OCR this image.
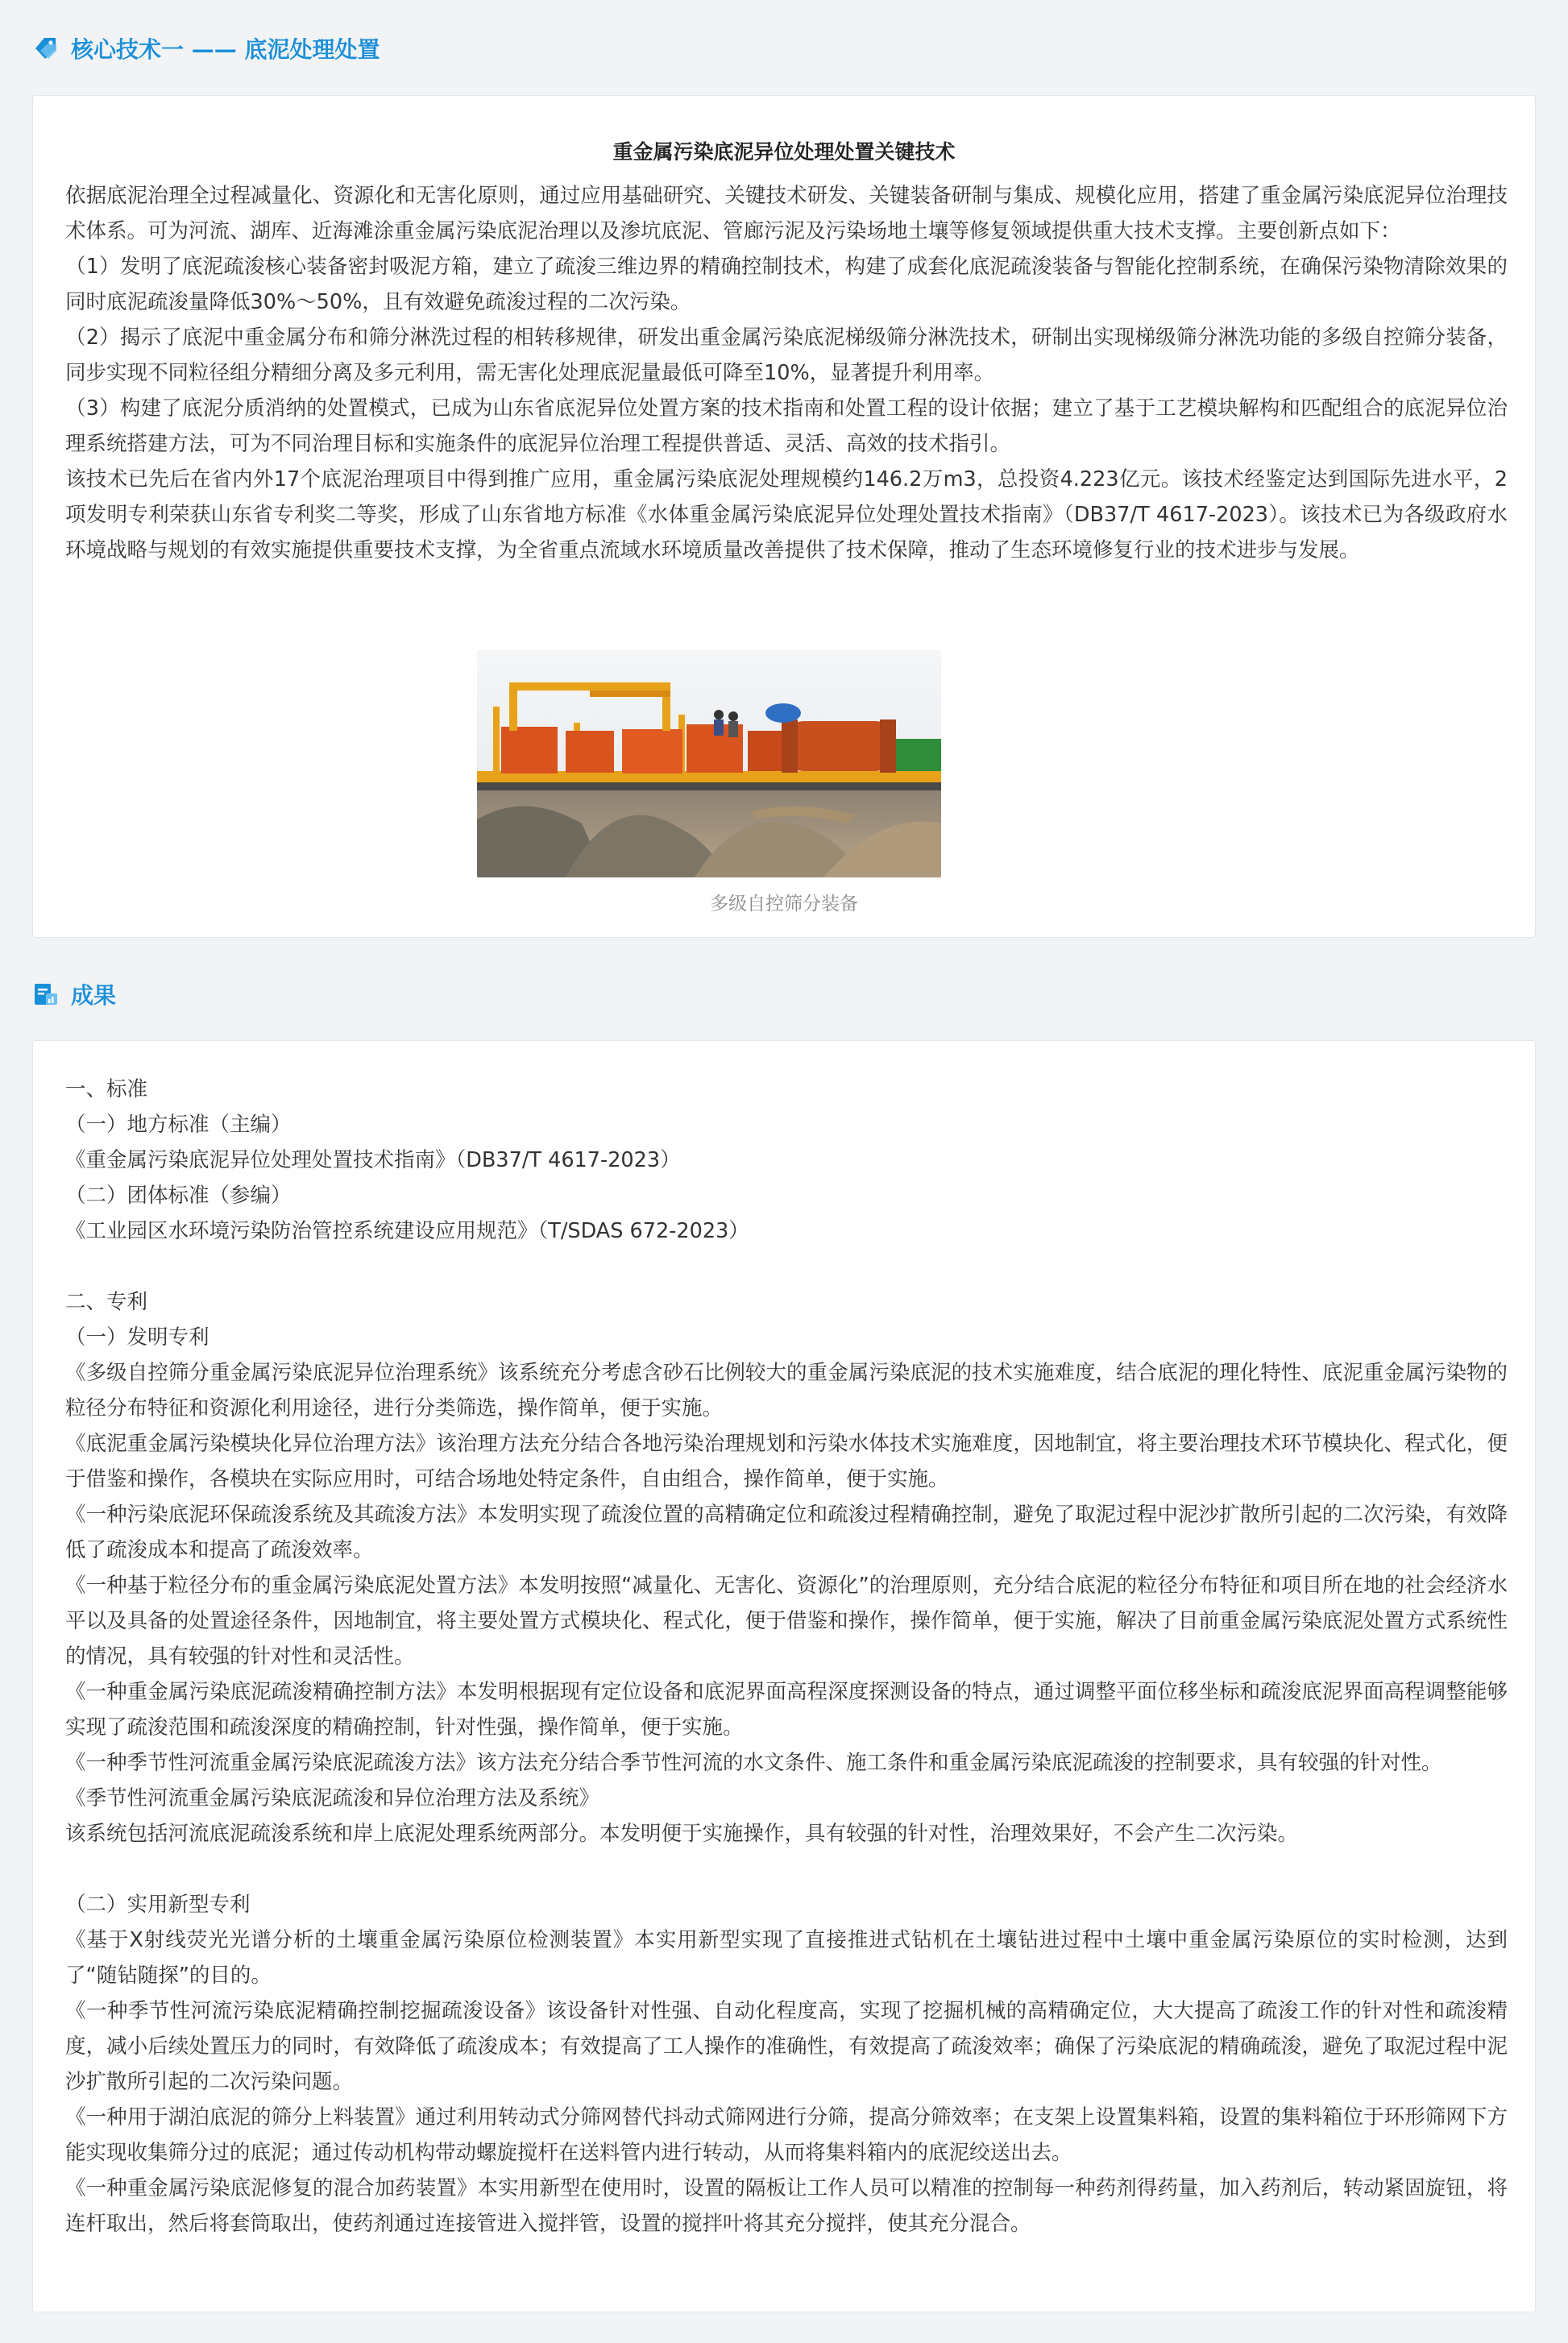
核心技术一 —— 底泥处理处置
重金属污染底泥异位处理处置关键技术

依据底泥治理全过程减量化、资源化和无害化原则，通过应用基础研究、关键技术研发、关键装备研制与集成、规模化应用，搭建了重金属污染底泥异位治理技术体系。可为河流、湖库、近海滩涂重金属污染底泥治理以及渗坑底泥、管廊污泥及污染场地土壤等修复领域提供重大技术支撑。主要创新点如下：

（1）发明了底泥疏浚核心装备密封吸泥方箱，建立了疏浚三维边界的精确控制技术，构建了成套化底泥疏浚装备与智能化控制系统，在确保污染物清除效果的同时底泥疏浚量降低30%～50%，且有效避免疏浚过程的二次污染。

（2）揭示了底泥中重金属分布和筛分淋洗过程的相转移规律，研发出重金属污染底泥梯级筛分淋洗技术，研制出实现梯级筛分淋洗功能的多级自控筛分装备，同步实现不同粒径组分精细分离及多元利用，需无害化处理底泥量最低可降至10%，显著提升利用率。

（3）构建了底泥分质消纳的处置模式，已成为山东省底泥异位处置方案的技术指南和处置工程的设计依据；建立了基于工艺模块解构和匹配组合的底泥异位治理系统搭建方法，可为不同治理目标和实施条件的底泥异位治理工程提供普适、灵活、高效的技术指引。

该技术已先后在省内外17个底泥治理项目中得到推广应用，重金属污染底泥处理规模约146.2万m3，总投资4.223亿元。该技术经鉴定达到国际先进水平，2项发明专利荣获山东省专利奖二等奖，形成了山东省地方标准《水体重金属污染底泥异位处理处置技术指南》（DB37/T 4617-2023）。该技术已为各级政府水环境战略与规划的有效实施提供重要技术支撑，为全省重点流域水环境质量改善提供了技术保障，推动了生态环境修复行业的技术进步与发展。

多级自控筛分装备
成果

一、标准

（一）地方标准（主编）

《重金属污染底泥异位处理处置技术指南》（DB37/T 4617-2023）

（二）团体标准（参编）

《工业园区水环境污染防治管控系统建设应用规范》（T/SDAS 672-2023）

二、专利

（一）发明专利

《多级自控筛分重金属污染底泥异位治理系统》该系统充分考虑含砂石比例较大的重金属污染底泥的技术实施难度，结合底泥的理化特性、底泥重金属污染物的粒径分布特征和资源化利用途径，进行分类筛选，操作简单，便于实施。

《底泥重金属污染模块化异位治理方法》该治理方法充分结合各地污染治理规划和污染水体技术实施难度，因地制宜，将主要治理技术环节模块化、程式化，便于借鉴和操作，各模块在实际应用时，可结合场地处特定条件，自由组合，操作简单，便于实施。

《一种污染底泥环保疏浚系统及其疏浚方法》本发明实现了疏浚位置的高精确定位和疏浚过程精确控制，避免了取泥过程中泥沙扩散所引起的二次污染，有效降低了疏浚成本和提高了疏浚效率。

《一种基于粒径分布的重金属污染底泥处置方法》本发明按照“减量化、无害化、资源化”的治理原则，充分结合底泥的粒径分布特征和项目所在地的社会经济水平以及具备的处置途径条件，因地制宜，将主要处置方式模块化、程式化，便于借鉴和操作，操作简单，便于实施，解决了目前重金属污染底泥处置方式系统性的情况，具有较强的针对性和灵活性。

《一种重金属污染底泥疏浚精确控制方法》本发明根据现有定位设备和底泥界面高程深度探测设备的特点，通过调整平面位移坐标和疏浚底泥界面高程调整能够实现了疏浚范围和疏浚深度的精确控制，针对性强，操作简单，便于实施。

《一种季节性河流重金属污染底泥疏浚方法》该方法充分结合季节性河流的水文条件、施工条件和重金属污染底泥疏浚的控制要求，具有较强的针对性。

《季节性河流重金属污染底泥疏浚和异位治理方法及系统》

该系统包括河流底泥疏浚系统和岸上底泥处理系统两部分。本发明便于实施操作，具有较强的针对性，治理效果好，不会产生二次污染。

（二）实用新型专利

《基于X射线荧光光谱分析的土壤重金属污染原位检测装置》本实用新型实现了直接推进式钻机在土壤钻进过程中土壤中重金属污染原位的实时检测，达到了“随钻随探”的目的。

《一种季节性河流污染底泥精确控制挖掘疏浚设备》该设备针对性强、自动化程度高，实现了挖掘机械的高精确定位，大大提高了疏浚工作的针对性和疏浚精度，减小后续处置压力的同时，有效降低了疏浚成本；有效提高了工人操作的准确性，有效提高了疏浚效率；确保了污染底泥的精确疏浚，避免了取泥过程中泥沙扩散所引起的二次污染问题。

《一种用于湖泊底泥的筛分上料装置》通过利用转动式分筛网替代抖动式筛网进行分筛，提高分筛效率；在支架上设置集料箱，设置的集料箱位于环形筛网下方能实现收集筛分过的底泥；通过传动机构带动螺旋搅杆在送料管内进行转动，从而将集料箱内的底泥绞送出去。

《一种重金属污染底泥修复的混合加药装置》本实用新型在使用时，设置的隔板让工作人员可以精准的控制每一种药剂得药量，加入药剂后，转动紧固旋钮，将连杆取出，然后将套筒取出，使药剂通过连接管进入搅拌管，设置的搅拌叶将其充分搅拌，使其充分混合。
